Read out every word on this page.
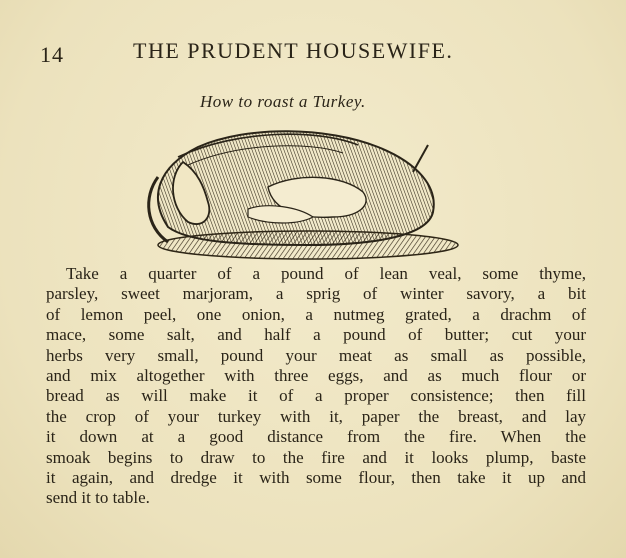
14	THE PRUDENT HOUSEWIFE.
How to roast a Turkey.
Take a quarter of a pound of lean veal, some thyme,
parsley, sweet marjoram, a sprig of winter savory, a bit
of lemon peel, one onion, a nutmeg grated, a drachm of
mace, some salt, and half a pound of butter; cut your
herbs very small, pound your meat as small as possible,
and mix altogether with three eggs, and as much flour or
bread as will make it of a proper consistence; then fill
the crop of your turkey with it, paper the breast, and lay
it down at a good distance from the fire. When the
smoak begins to draw to the fire and it looks plump, baste
it again, and dredge it with some flour, then take it up and
send it to table.
